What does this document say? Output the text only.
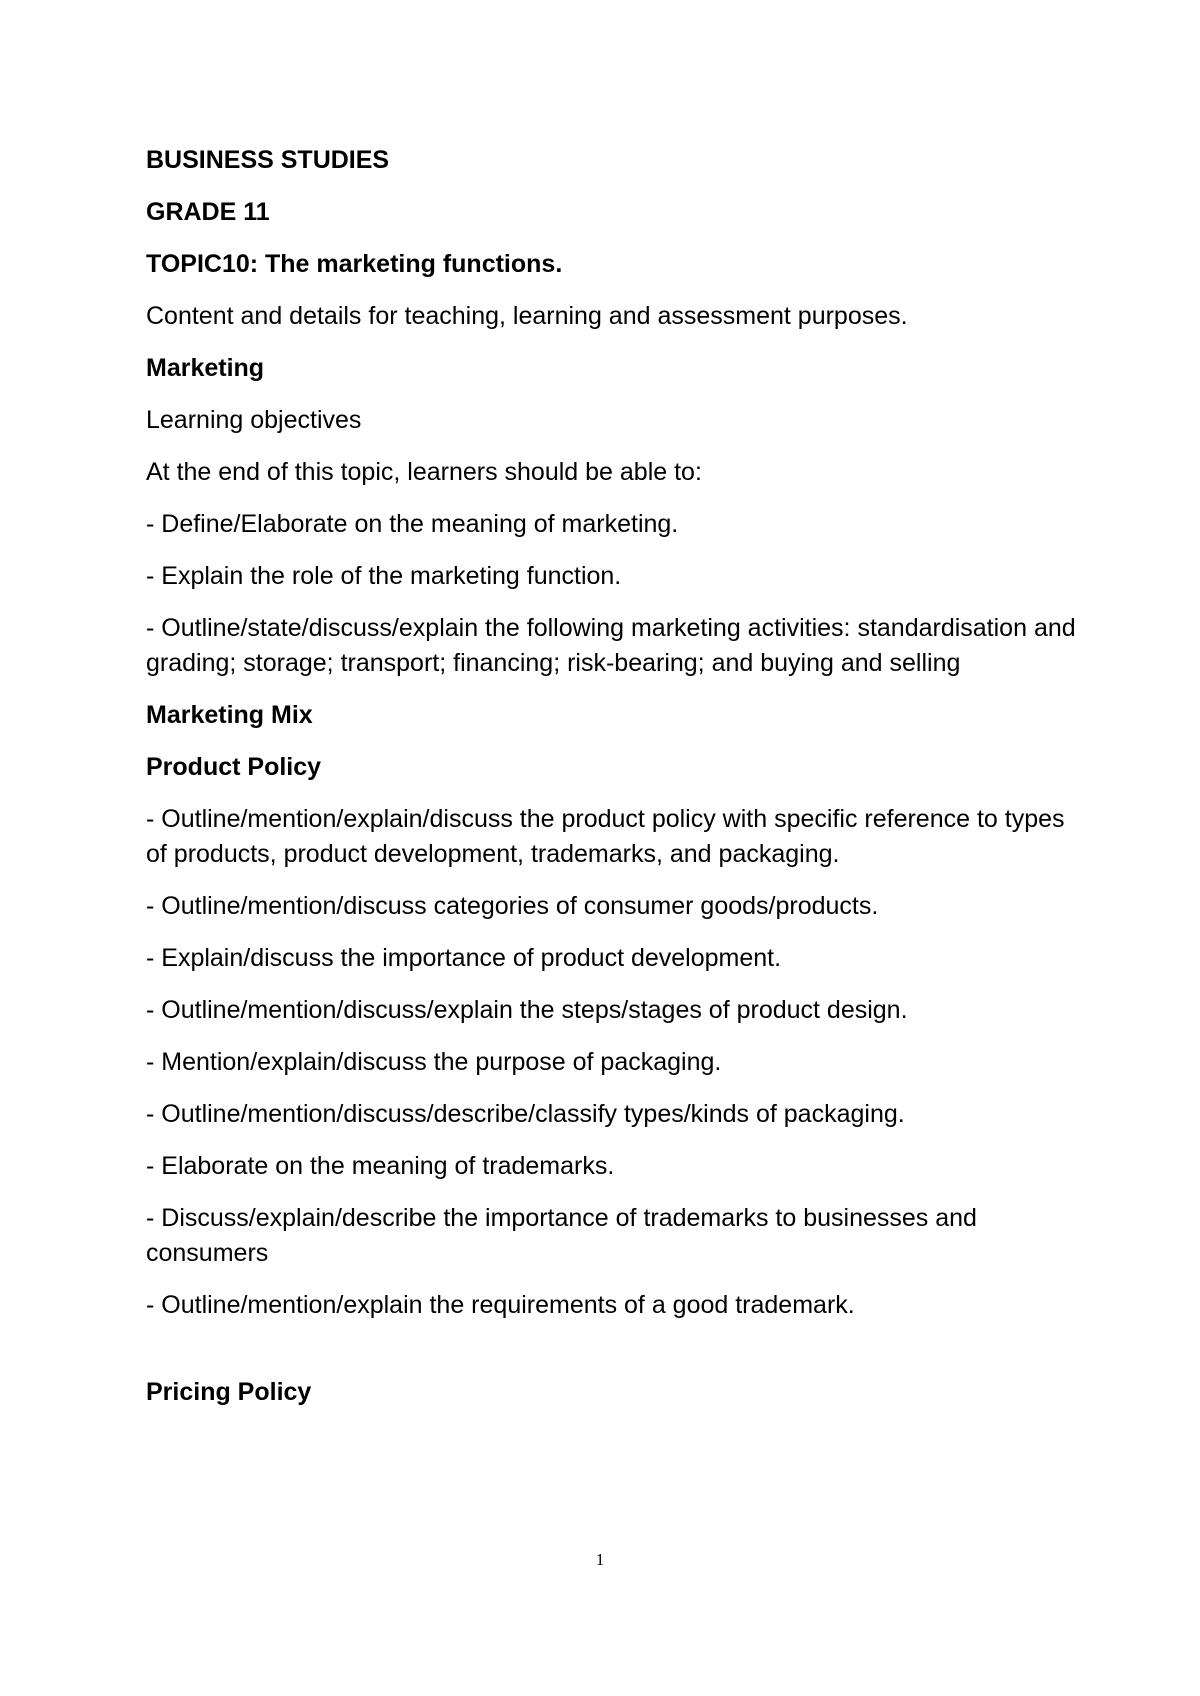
BUSINESS STUDIES

GRADE 11

TOPIC10: The marketing functions.

Content and details for teaching, learning and assessment purposes.

Marketing

Learning objectives

At the end of this topic, learners should be able to:

- Define/Elaborate on the meaning of marketing.

- Explain the role of the marketing function.

- Outline/state/discuss/explain the following marketing activities: standardisation and grading; storage; transport; financing; risk-bearing; and buying and selling

Marketing Mix

Product Policy

- Outline/mention/explain/discuss the product policy with specific reference to types of products, product development, trademarks, and packaging.

- Outline/mention/discuss categories of consumer goods/products.

- Explain/discuss the importance of product development.

- Outline/mention/discuss/explain the steps/stages of product design.

- Mention/explain/discuss the purpose of packaging.

- Outline/mention/discuss/describe/classify types/kinds of packaging.

- Elaborate on the meaning of trademarks.

- Discuss/explain/describe the importance of trademarks to businesses and consumers

- Outline/mention/explain the requirements of a good trademark.

Pricing Policy

1
